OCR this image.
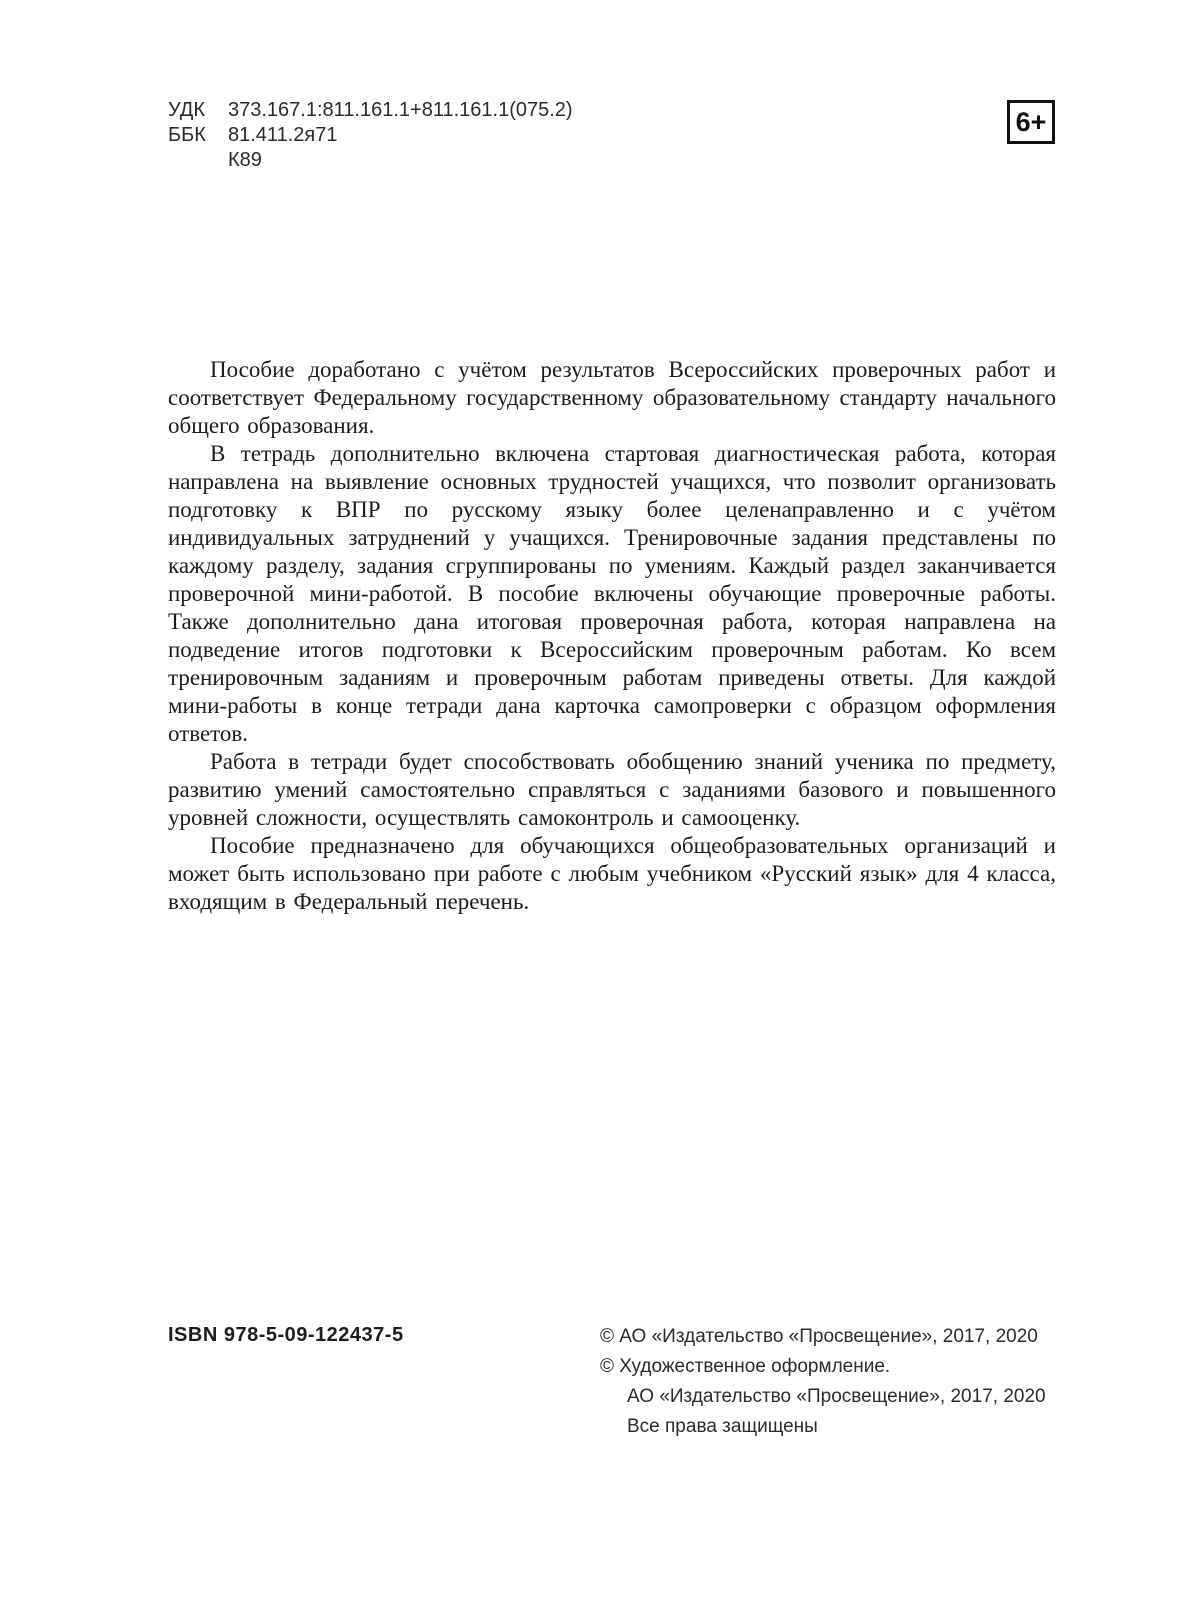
УДК	373.167.1:811.161.1+811.161.1(075.2)
ББК	81.411.2я71
К89
6+

Пособие доработано с учётом результатов Всероссийских проверочных работ и соответствует Федеральному государственному образовательному стандарту начального общего образования.

В тетрадь дополнительно включена стартовая диагностическая работа, которая направлена на выявление основных трудностей учащихся, что позволит организовать подготовку к ВПР по русскому языку более целенаправленно и с учётом индивидуальных затруднений у учащихся. Тренировочные задания представлены по каждому разделу, задания сгруппированы по умениям. Каждый раздел заканчивается проверочной мини-работой. В пособие включены обучающие проверочные работы. Также дополнительно дана итоговая проверочная работа, которая направлена на подведение итогов подготовки к Всероссийским проверочным работам. Ко всем тренировочным заданиям и проверочным работам приведены ответы. Для каждой мини-работы в конце тетради дана карточка самопроверки с образцом оформления ответов.

Работа в тетради будет способствовать обобщению знаний ученика по предмету, развитию умений самостоятельно справляться с заданиями базового и повышенного уровней сложности, осуществлять самоконтроль и самооценку.

Пособие предназначено для обучающихся общеобразовательных организаций и может быть использовано при работе с любым учебником «Русский язык» для 4 класса, входящим в Федеральный перечень.

ISBN 978-5-09-122437-5	© АО «Издательство «Просвещение», 2017, 2020
© Художественное оформление.
АО «Издательство «Просвещение», 2017, 2020
Все права защищены
